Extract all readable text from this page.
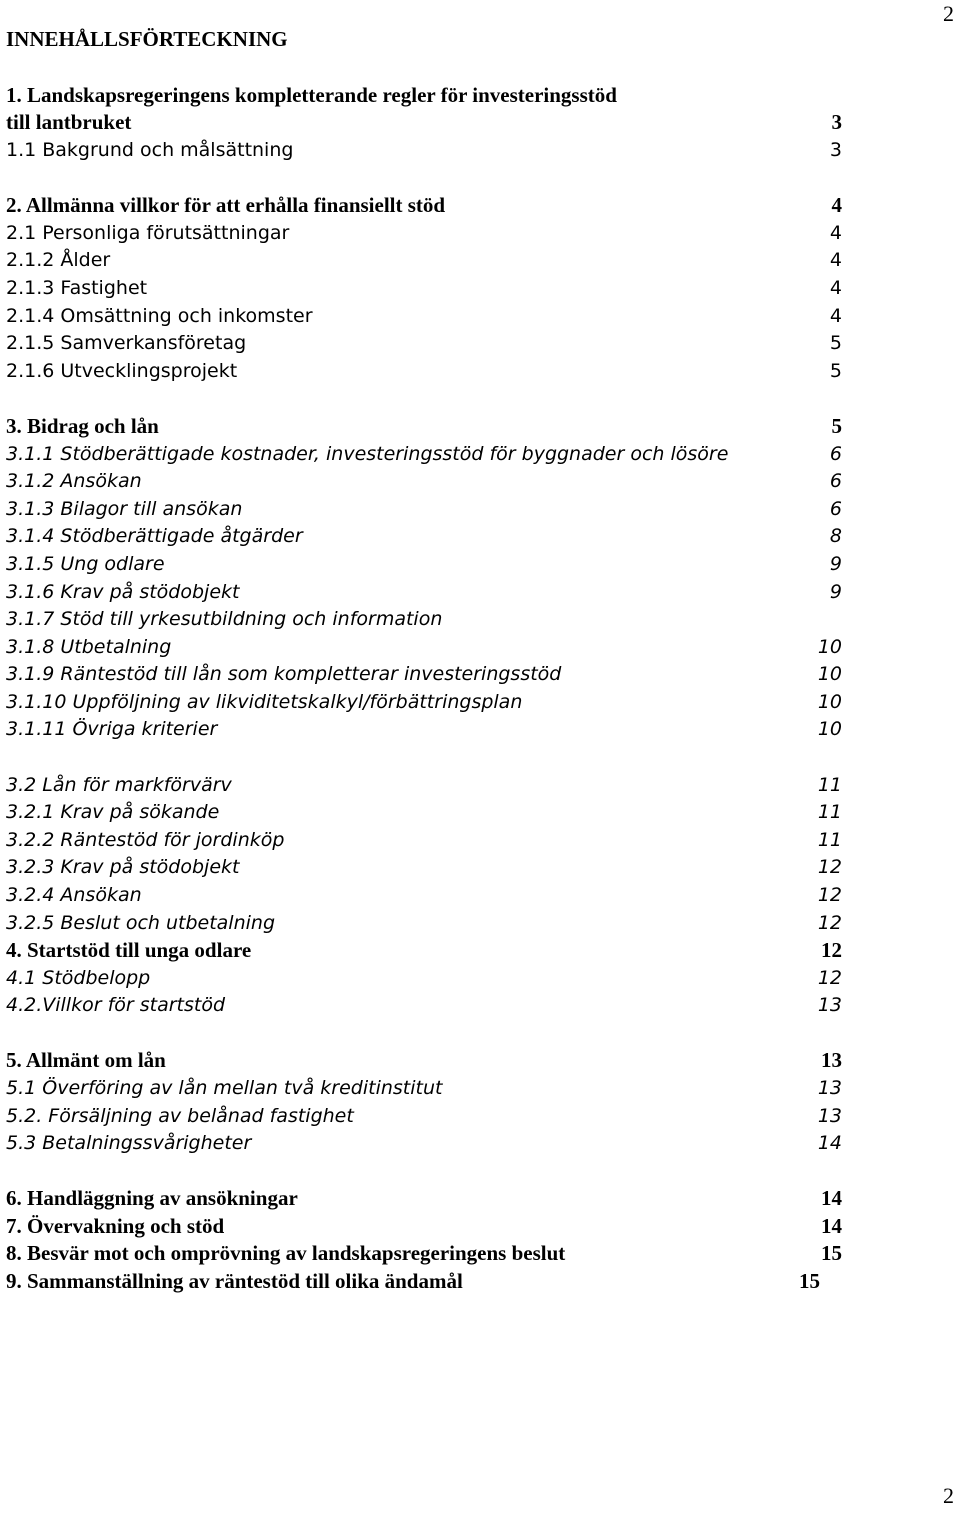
2
INNEHÅLLSFÖRTECKNING
1. Landskapsregeringens kompletterande regler för investeringsstöd
till lantbruket	3
1.1 Bakgrund och målsättning	3
2. Allmänna villkor för att erhålla finansiellt stöd	4
2.1 Personliga förutsättningar	4
2.1.2 Ålder	4
2.1.3 Fastighet	4
2.1.4 Omsättning och inkomster	4
2.1.5 Samverkansföretag	5
2.1.6 Utvecklingsprojekt	5
3. Bidrag och lån	5
3.1.1 Stödberättigade kostnader, investeringsstöd för byggnader och lösöre	6
3.1.2 Ansökan	6
3.1.3 Bilagor till ansökan	6
3.1.4 Stödberättigade åtgärder	8
3.1.5 Ung odlare	9
3.1.6 Krav på stödobjekt	9
3.1.7 Stöd till yrkesutbildning och information
3.1.8 Utbetalning	10
3.1.9 Räntestöd till lån som kompletterar investeringsstöd	10
3.1.10 Uppföljning av likviditetskalkyl/förbättringsplan	10
3.1.11 Övriga kriterier	10
3.2 Lån för markförvärv	11
3.2.1 Krav på sökande	11
3.2.2 Räntestöd för jordinköp	11
3.2.3 Krav på stödobjekt	12
3.2.4 Ansökan	12
3.2.5 Beslut och utbetalning	12
4. Startstöd till unga odlare	12
4.1 Stödbelopp	12
4.2.Villkor för startstöd	13
5. Allmänt om lån	13
5.1 Överföring av lån mellan två kreditinstitut	13
5.2. Försäljning av belånad fastighet	13
5.3 Betalningssvårigheter	14
6. Handläggning av ansökningar	14
7. Övervakning och stöd	14
8. Besvär mot och omprövning av landskapsregeringens beslut	15
9. Sammanställning av räntestöd till olika ändamål	15
2
